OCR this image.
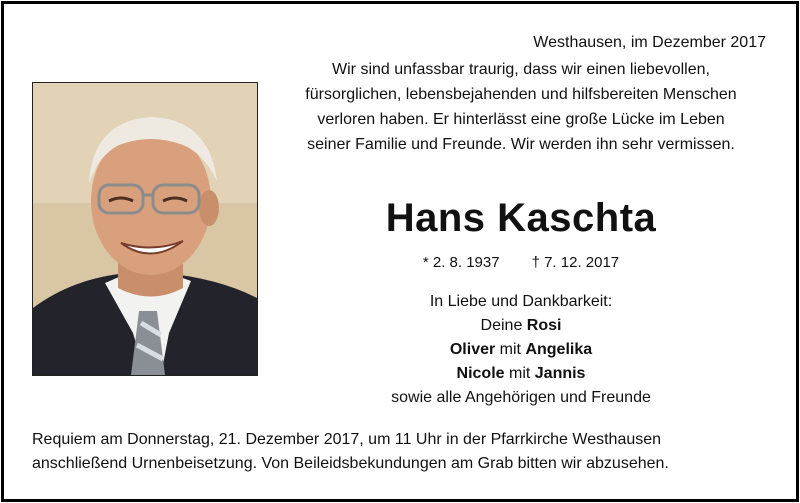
Westhausen, im Dezember 2017
Wir sind unfassbar traurig, dass wir einen liebevollen,
fürsorglichen, lebensbejahenden und hilfsbereiten Menschen
verloren haben. Er hinterlässt eine große Lücke im Leben
seiner Familie und Freunde. Wir werden ihn sehr vermissen.
Hans Kaschta
* 2. 8. 1937 † 7. 12. 2017
In Liebe und Dankbarkeit:
Deine Rosi
Oliver mit Angelika
Nicole mit Jannis
sowie alle Angehörigen und Freunde
Requiem am Donnerstag, 21. Dezember 2017, um 11 Uhr in der Pfarrkirche Westhausen
anschließend Urnenbeisetzung. Von Beileidsbekundungen am Grab bitten wir abzusehen.
